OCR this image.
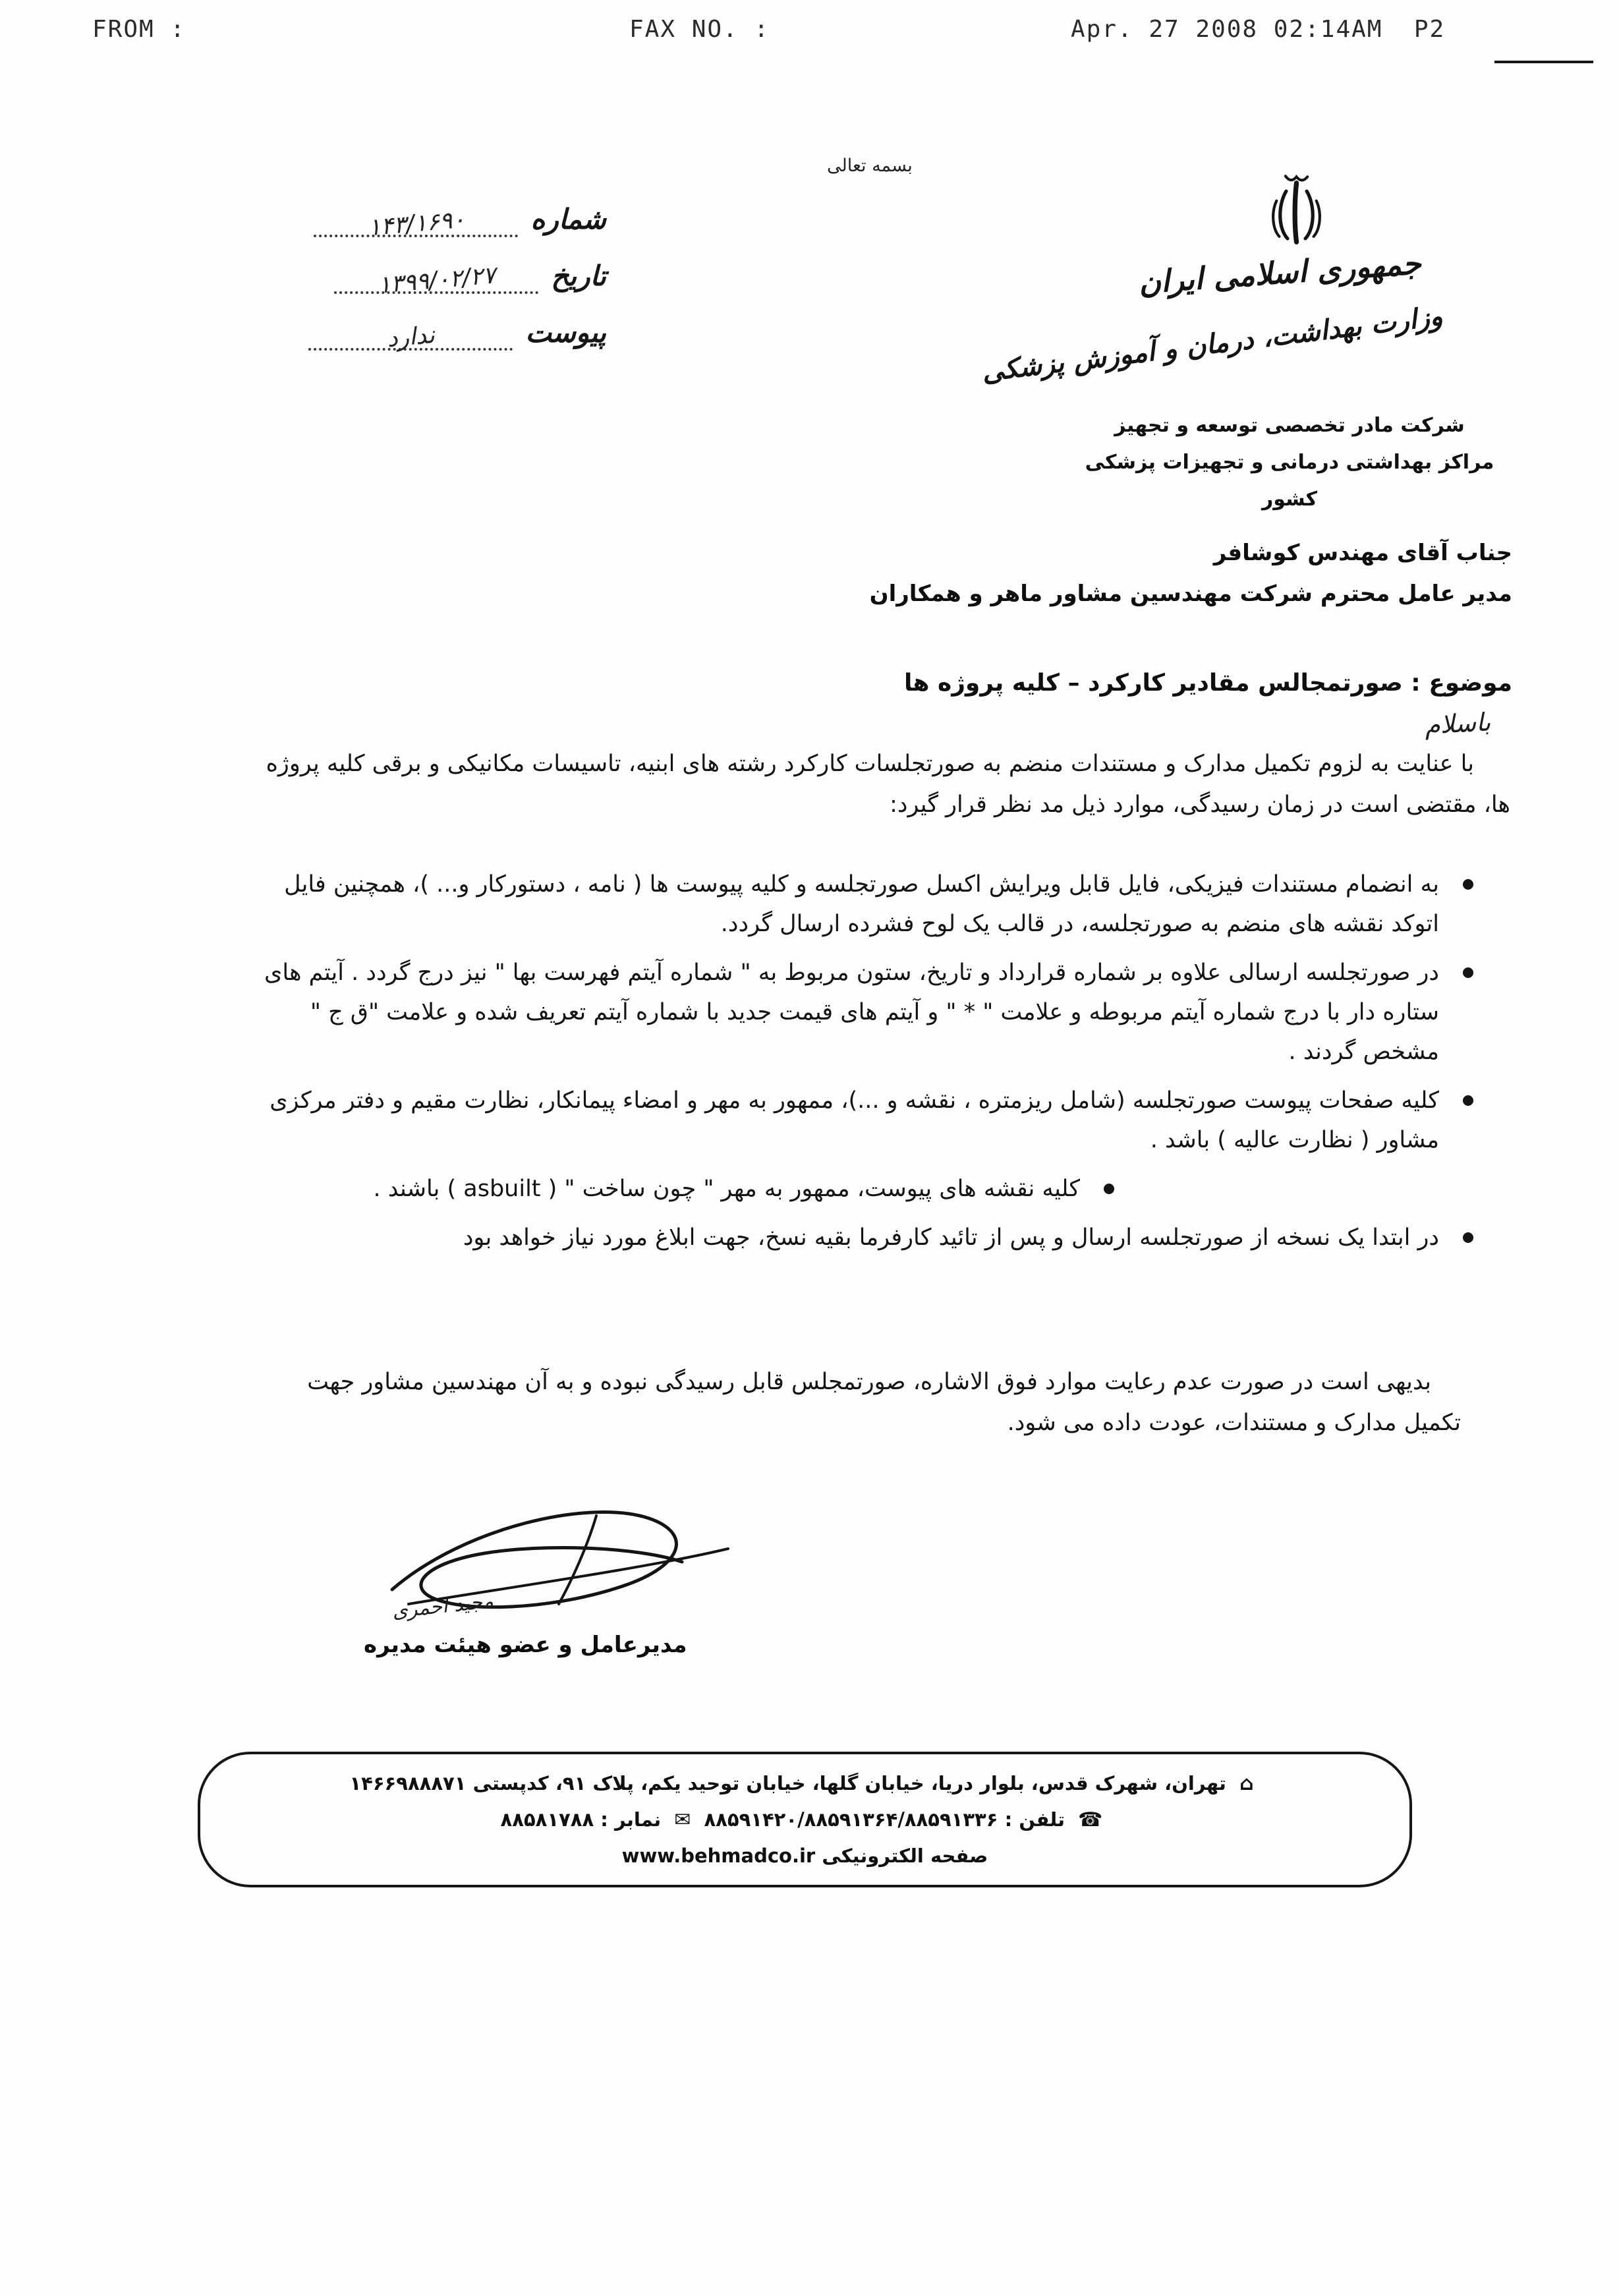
FROM :	FAX NO. :	Apr. 27 2008 02:14AM  P2
بسمه تعالی
جمهوری اسلامی ایران
وزارت بهداشت، درمان و آموزش پزشکی
شرکت مادر تخصصی توسعه و تجهیز
مراکز بهداشتی درمانی و تجهیزات پزشکی کشور
شماره ۱۴۳/۱۶۹۰
تاریخ ۱۳۹۹/۰۲/۲۷
پیوست ندارد
جناب آقای مهندس کوشافر
مدیر عامل محترم شرکت مهندسین مشاور ماهر و همکاران
موضوع : صورتمجالس مقادیر کارکرد – کلیه پروژه ها
باسلام
با عنایت به لزوم تکمیل مدارک و مستندات منضم به صورتجلسات کارکرد رشته های ابنیه، تاسیسات مکانیکی و برقی کلیه پروژه ها، مقتضی است در زمان رسیدگی، موارد ذیل مد نظر قرار گیرد:
به انضمام مستندات فیزیکی، فایل قابل ویرایش اکسل صورتجلسه و کلیه پیوست ها ( نامه ، دستورکار و... )، همچنین فایل اتوکد نقشه های منضم به صورتجلسه، در قالب یک لوح فشرده ارسال گردد.
در صورتجلسه ارسالی علاوه بر شماره قرارداد و تاریخ، ستون مربوط به " شماره آیتم فهرست بها " نیز درج گردد . آیتم های ستاره دار با درج شماره آیتم مربوطه و علامت " * " و آیتم های قیمت جدید با شماره آیتم تعریف شده و علامت "ق ج " مشخص گردند .
کلیه صفحات پیوست صورتجلسه (شامل ریزمتره ، نقشه و ...)، ممهور به مهر و امضاء پیمانکار، نظارت مقیم و دفتر مرکزی مشاور ( نظارت عالیه ) باشد .
کلیه نقشه های پیوست، ممهور به مهر " چون ساخت " ( asbuilt ) باشند .
در ابتدا یک نسخه از صورتجلسه ارسال و پس از تائید کارفرما بقیه نسخ، جهت ابلاغ مورد نیاز خواهد بود
بدیهی است در صورت عدم رعایت موارد فوق الاشاره، صورتمجلس قابل رسیدگی نبوده و به آن مهندسین مشاور جهت تکمیل مدارک و مستندات، عودت داده می شود.
مجید احمری
مدیرعامل و عضو هیئت مدیره
⌂ تهران، شهرک قدس، بلوار دریا، خیابان گلها، خیابان توحید یکم، پلاک ۹۱، کدپستی ۱۴۶۶۹۸۸۸۷۱
☎ تلفن : ۸۸۵۹۱۴۲۰/۸۸۵۹۱۳۶۴/۸۸۵۹۱۳۳۶ ✉ نمابر : ۸۸۵۸۱۷۸۸
صفحه الکترونیکی www.behmadco.ir
